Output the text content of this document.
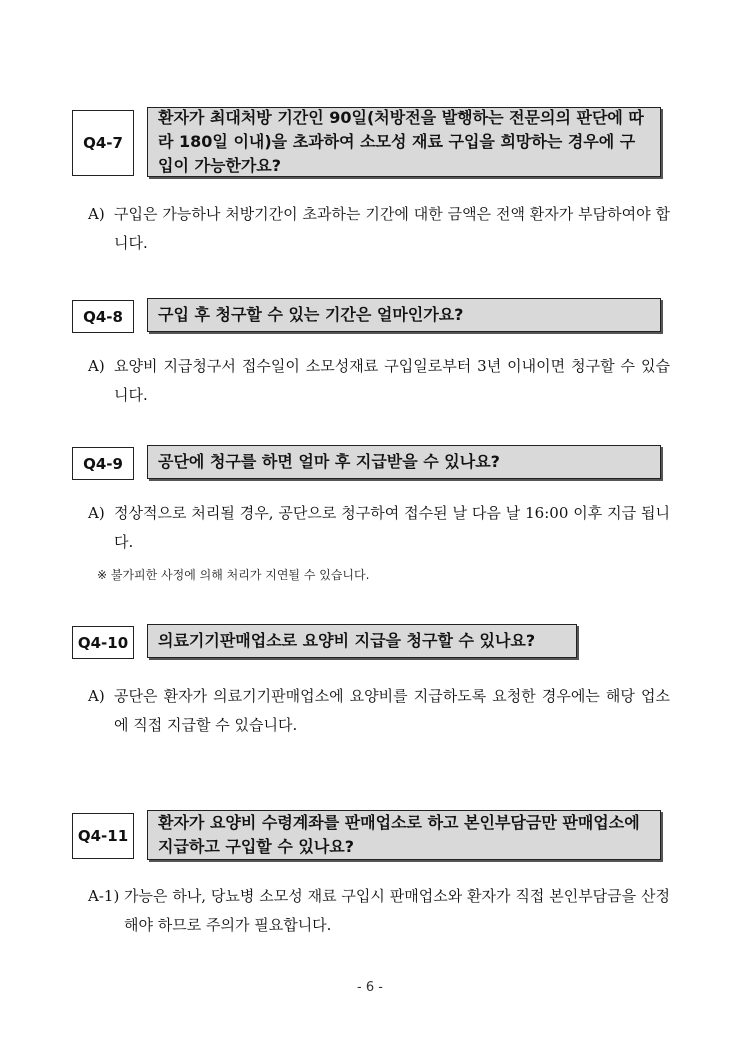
Q4-7
환자가 최대처방 기간인 90일(처방전을 발행하는 전문의의 판단에 따라 180일 이내)을 초과하여 소모성 재료 구입을 희망하는 경우에 구입이 가능한가요?
A) 구입은 가능하나 처방기간이 초과하는 기간에 대한 금액은 전액 환자가 부담하여야 합니다.
Q4-8	구입 후 청구할 수 있는 기간은 얼마인가요?
A) 요양비 지급청구서 접수일이 소모성재료 구입일로부터 3년 이내이면 청구할 수 있습니다.
Q4-9	공단에 청구를 하면 얼마 후 지급받을 수 있나요?
A) 정상적으로 처리될 경우, 공단으로 청구하여 접수된 날 다음 날 16:00 이후 지급 됩니다.
※ 불가피한 사정에 의해 처리가 지연될 수 있습니다.
Q4-10	의료기기판매업소로 요양비 지급을 청구할 수 있나요?
A) 공단은 환자가 의료기기판매업소에 요양비를 지급하도록 요청한 경우에는 해당 업소에 직접 지급할 수 있습니다.
Q4-11
환자가 요양비 수령계좌를 판매업소로 하고 본인부담금만 판매업소에 지급하고 구입할 수 있나요?
A-1) 가능은 하나, 당뇨병 소모성 재료 구입시 판매업소와 환자가 직접 본인부담금을 산정해야 하므로 주의가 필요합니다.
- 6 -
